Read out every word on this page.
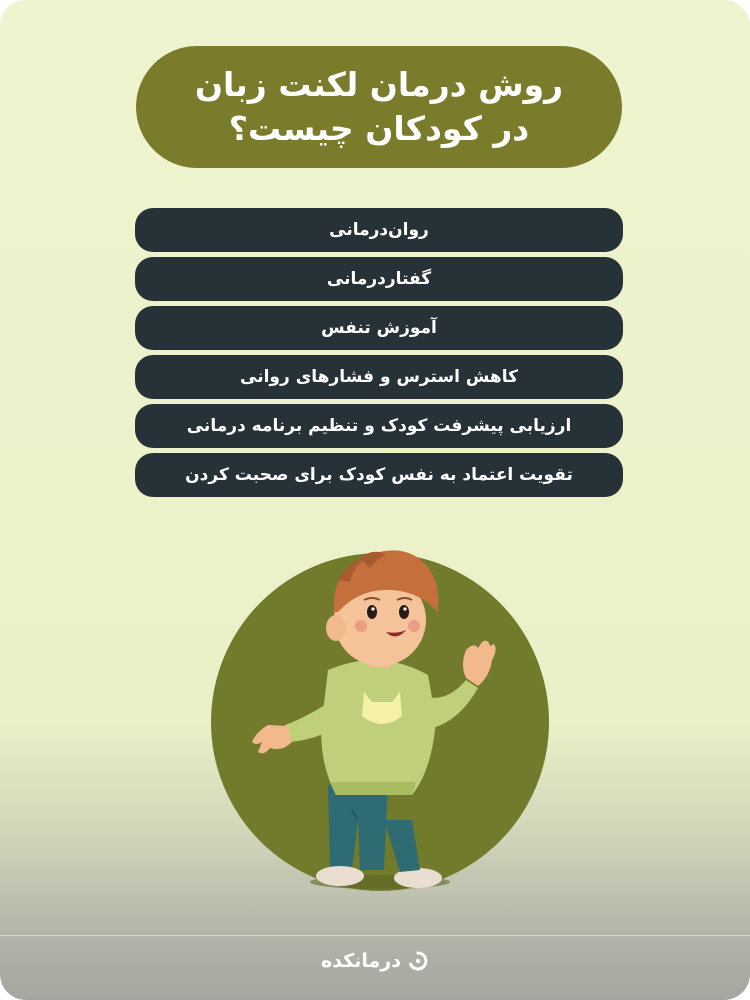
روش درمان لکنت زبان
در کودکان چیست؟
روان‌درمانی
گفتاردرمانی
آموزش تنفس
کاهش استرس و فشارهای روانی
ارزیابی پیشرفت کودک و تنظیم برنامه درمانی
تقویت اعتماد به نفس کودک برای صحبت کردن
درمانکده
